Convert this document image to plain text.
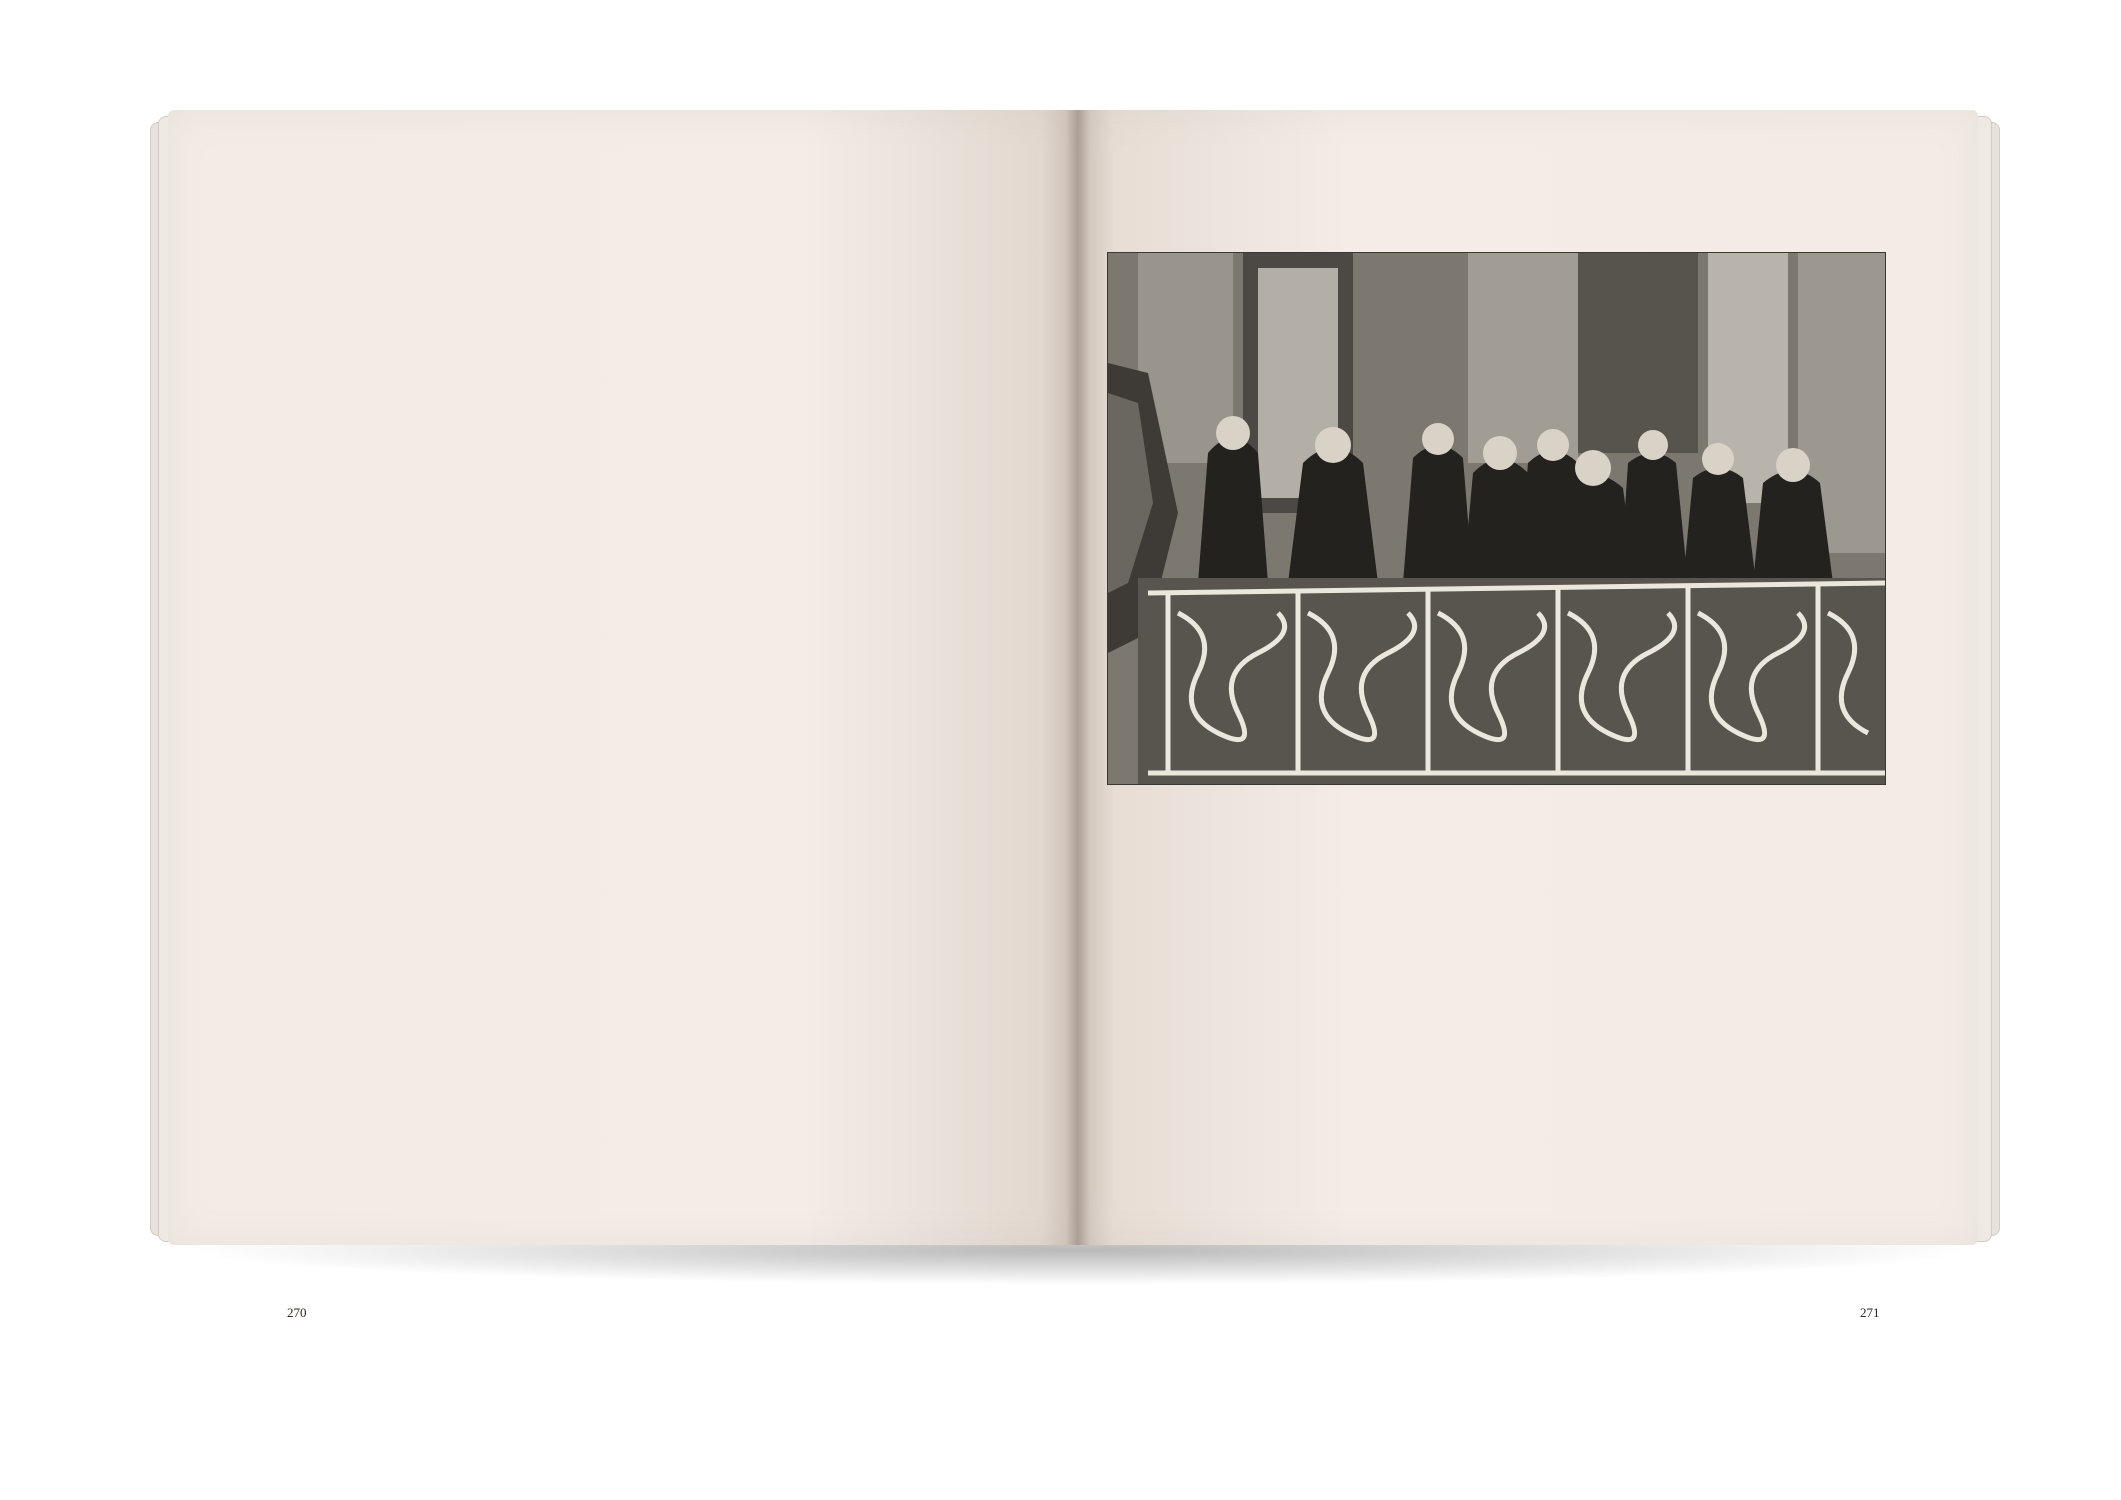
270	271
